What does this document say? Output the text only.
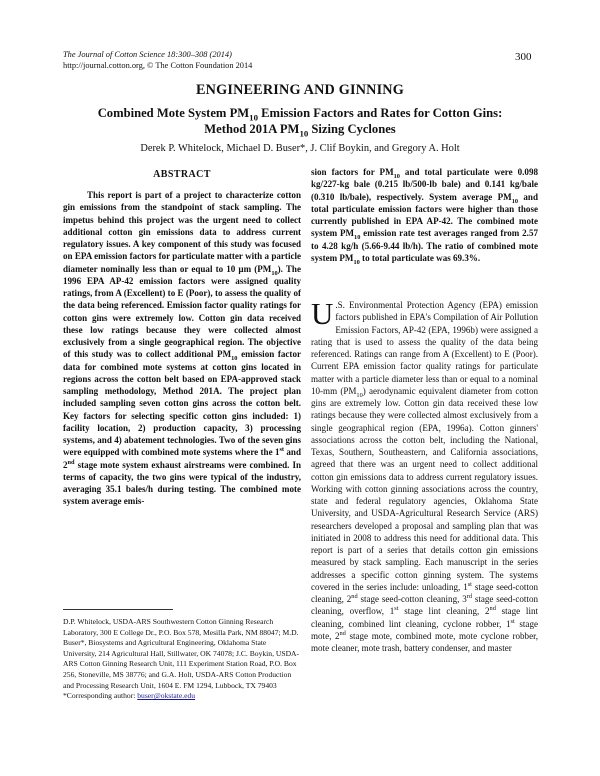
The Journal of Cotton Science 18:300–308 (2014)
http://journal.cotton.org, © The Cotton Foundation 2014
300
ENGINEERING AND GINNING
Combined Mote System $PM_{10}$ Emission Factors and Rates for Cotton Gins:
Method 201A $PM_{10}$ Sizing Cyclones
Derek P. Whitelock, Michael D. Buser*, J. Clif Boykin, and Gregory A. Holt
ABSTRACT

This report is part of a project to characterize cotton gin emissions from the standpoint of stack sampling. The impetus behind this project was the urgent need to collect additional cotton gin emissions data to address current regulatory issues. A key component of this study was focused on EPA emission factors for particulate matter with a particle diameter nominally less than or equal to 10 µm $(PM_{10})$. The 1996 EPA AP-42 emission factors were assigned quality ratings, from A (Excellent) to E (Poor), to assess the quality of the data being referenced. Emission factor quality ratings for cotton gins were extremely low. Cotton gin data received these low ratings because they were collected almost exclusively from a single geographical region. The objective of this study was to collect additional $PM_{10}$ emission factor data for combined mote systems at cotton gins located in regions across the cotton belt based on EPA-approved stack sampling methodology, Method 201A. The project plan included sampling seven cotton gins across the cotton belt. Key factors for selecting specific cotton gins included: 1) facility location, 2) production capacity, 3) processing systems, and 4) abatement technologies. Two of the seven gins were equipped with combined mote systems where the 1st and 2nd stage mote system exhaust airstreams were combined. In terms of capacity, the two gins were typical of the industry, averaging 35.1 bales/h during testing. The combined mote system average emis-

D.P. Whitelock, USDA-ARS Southwestern Cotton Ginning Research Laboratory, 300 E College Dr., P.O. Box 578, Mesilla Park, NM 88047; M.D. Buser*, Biosystems and Agricultural Engineering, Oklahoma State University, 214 Agricultural Hall, Stillwater, OK 74078; J.C. Boykin, USDA-ARS Cotton Ginning Research Unit, 111 Experiment Station Road, P.O. Box 256, Stoneville, MS 38776; and G.A. Holt, USDA-ARS Cotton Production and Processing Research Unit, 1604 E. FM 1294, Lubbock, TX 79403
*Corresponding author: buser@okstate.edu

sion factors for $PM_{10}$ and total particulate were 0.098 kg/227-kg bale (0.215 lb/500-lb bale) and 0.141 kg/bale (0.310 lb/bale), respectively. System average $PM_{10}$ and total particulate emission factors were higher than those currently published in EPA AP-42. The combined mote system $PM_{10}$ emission rate test averages ranged from 2.57 to 4.28 kg/h (5.66-9.44 lb/h). The ratio of combined mote system $PM_{10}$ to total particulate was 69.3%.

U .S. Environmental Protection Agency (EPA) emission factors published in EPA's Compilation of Air Pollution Emission Factors, AP-42 (EPA, 1996b) were assigned a rating that is used to assess the quality of the data being referenced. Ratings can range from A (Excellent) to E (Poor). Current EPA emission factor quality ratings for particulate matter with a particle diameter less than or equal to a nominal 10-mm $(PM_{10})$ aerodynamic equivalent diameter from cotton gins are extremely low. Cotton gin data received these low ratings because they were collected almost exclusively from a single geographical region (EPA, 1996a). Cotton ginners' associations across the cotton belt, including the National, Texas, Southern, Southeastern, and California associations, agreed that there was an urgent need to collect additional cotton gin emissions data to address current regulatory issues. Working with cotton ginning associations across the country, state and federal regulatory agencies, Oklahoma State University, and USDA-Agricultural Research Service (ARS) researchers developed a proposal and sampling plan that was initiated in 2008 to address this need for additional data. This report is part of a series that details cotton gin emissions measured by stack sampling. Each manuscript in the series addresses a specific cotton ginning system. The systems covered in the series include: unloading, 1st stage seed-cotton cleaning, 2nd stage seed-cotton cleaning, 3rd stage seed-cotton cleaning, overflow, 1st stage lint cleaning, 2nd stage lint cleaning, combined lint cleaning, cyclone robber, 1st stage mote, 2nd stage mote, combined mote, mote cyclone robber, mote cleaner, mote trash, battery condenser, and master
